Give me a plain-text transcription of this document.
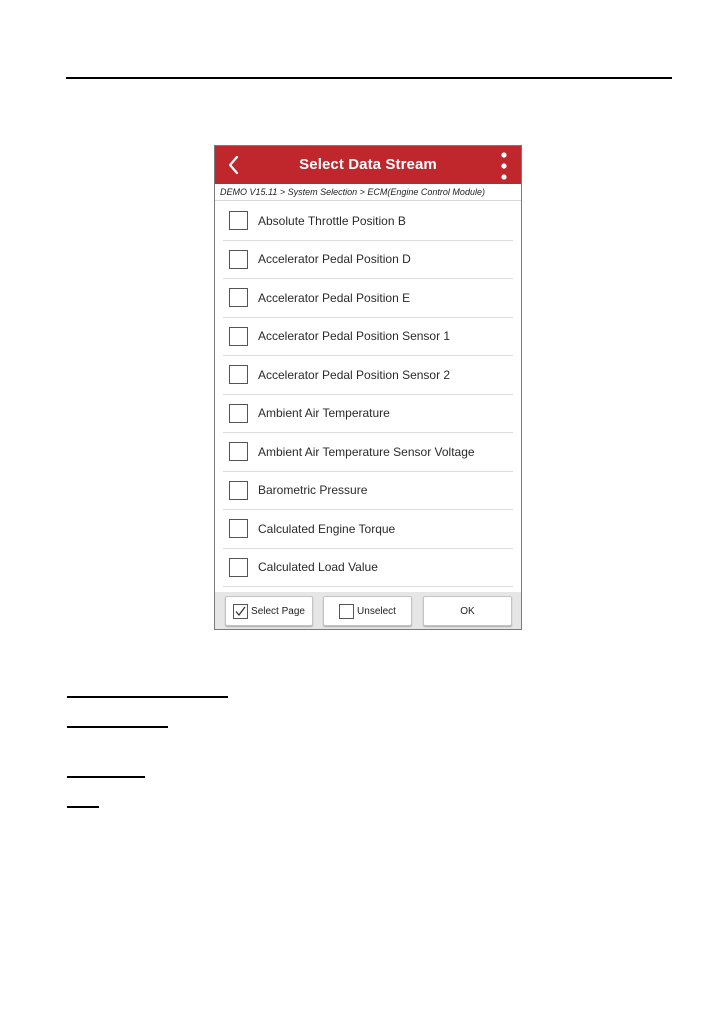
Select Data Stream
DEMO V15.11 > System Selection > ECM(Engine Control Module)
Absolute Throttle Position B
Accelerator Pedal Position D
Accelerator Pedal Position E
Accelerator Pedal Position Sensor 1
Accelerator Pedal Position Sensor 2
Ambient Air Temperature
Ambient Air Temperature Sensor Voltage
Barometric Pressure
Calculated Engine Torque
Calculated Load Value
Select Page	Unselect	OK
